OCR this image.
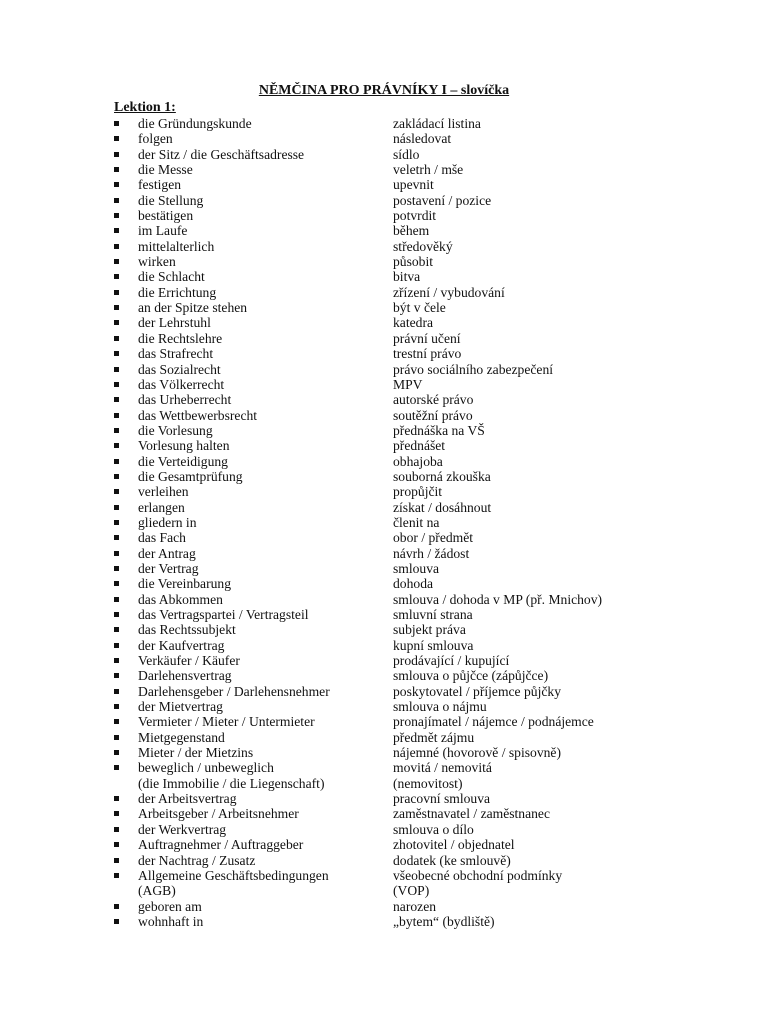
NĚMČINA PRO PRÁVNÍKY I – slovíčka
Lektion 1:
die Gründungskunde	zakládací listina
folgen	následovat
der Sitz / die Geschäftsadresse	sídlo
die Messe	veletrh / mše
festigen	upevnit
die Stellung	postavení / pozice
bestätigen	potvrdit
im Laufe	během
mittelalterlich	středověký
wirken	působit
die Schlacht	bitva
die Errichtung	zřízení / vybudování
an der Spitze stehen	být v čele
der Lehrstuhl	katedra
die Rechtslehre	právní učení
das Strafrecht	trestní právo
das Sozialrecht	právo sociálního zabezpečení
das Völkerrecht	MPV
das Urheberrecht	autorské právo
das Wettbewerbsrecht	soutěžní právo
die Vorlesung	přednáška na VŠ
Vorlesung halten	přednášet
die Verteidigung	obhajoba
die Gesamtprüfung	souborná zkouška
verleihen	propůjčit
erlangen	získat / dosáhnout
gliedern in	členit na
das Fach	obor / předmět
der Antrag	návrh / žádost
der Vertrag	smlouva
die Vereinbarung	dohoda
das Abkommen	smlouva / dohoda v MP (př. Mnichov)
das Vertragspartei / Vertragsteil	smluvní strana
das Rechtssubjekt	subjekt práva
der Kaufvertrag	kupní smlouva
Verkäufer / Käufer	prodávající / kupující
Darlehensvertrag	smlouva o půjčce (zápůjčce)
Darlehensgeber / Darlehensnehmer	poskytovatel / příjemce půjčky
der Mietvertrag	smlouva o nájmu
Vermieter / Mieter / Untermieter	pronajímatel / nájemce / podnájemce
Mietgegenstand	předmět zájmu
Mieter / der Mietzins	nájemné (hovorově / spisovně)
beweglich / unbeweglich	movitá / nemovitá
(die Immobilie / die Liegenschaft)	(nemovitost)
der Arbeitsvertrag	pracovní smlouva
Arbeitsgeber / Arbeitsnehmer	zaměstnavatel / zaměstnanec
der Werkvertrag	smlouva o dílo
Auftragnehmer / Auftraggeber	zhotovitel / objednatel
der Nachtrag / Zusatz	dodatek (ke smlouvě)
Allgemeine Geschäftsbedingungen	všeobecné obchodní podmínky
(AGB)	(VOP)
geboren am	narozen
wohnhaft in	„bytem“ (bydliště)
